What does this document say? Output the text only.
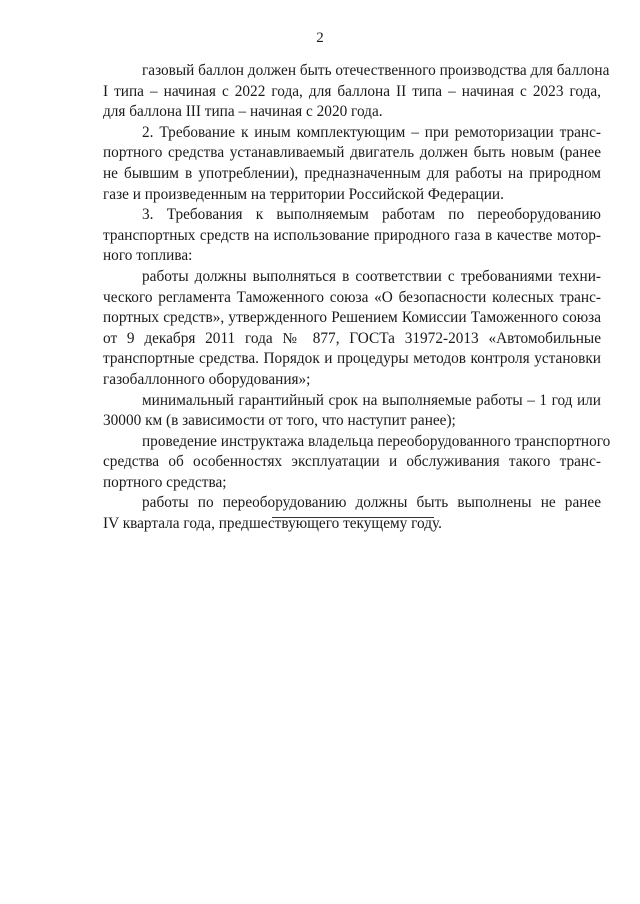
2
газовый баллон должен быть отечественного производства для баллона
I типа – начиная с 2022 года, для баллона II типа – начиная с 2023 года,
для баллона III типа – начиная с 2020 года.
2. Требование к иным комплектующим – при ремоторизации транс-
портного средства устанавливаемый двигатель должен быть новым (ранее
не бывшим в употреблении), предназначенным для работы на природном
газе и произведенным на территории Российской Федерации.
3. Требования к выполняемым работам по переоборудованию
транспортных средств на использование природного газа в качестве мотор-
ного топлива:
работы должны выполняться в соответствии с требованиями техни-
ческого регламента Таможенного союза «О безопасности колесных транс-
портных средств», утвержденного Решением Комиссии Таможенного союза
от 9 декабря 2011 года № 877, ГОСТа 31972-2013 «Автомобильные
транспортные средства. Порядок и процедуры методов контроля установки
газобаллонного оборудования»;
минимальный гарантийный срок на выполняемые работы – 1 год или
30000 км (в зависимости от того, что наступит ранее);
проведение инструктажа владельца переоборудованного транспортного
средства об особенностях эксплуатации и обслуживания такого транс-
портного средства;
работы по переоборудованию должны быть выполнены не ранее
IV квартала года, предшествующего текущему году.
